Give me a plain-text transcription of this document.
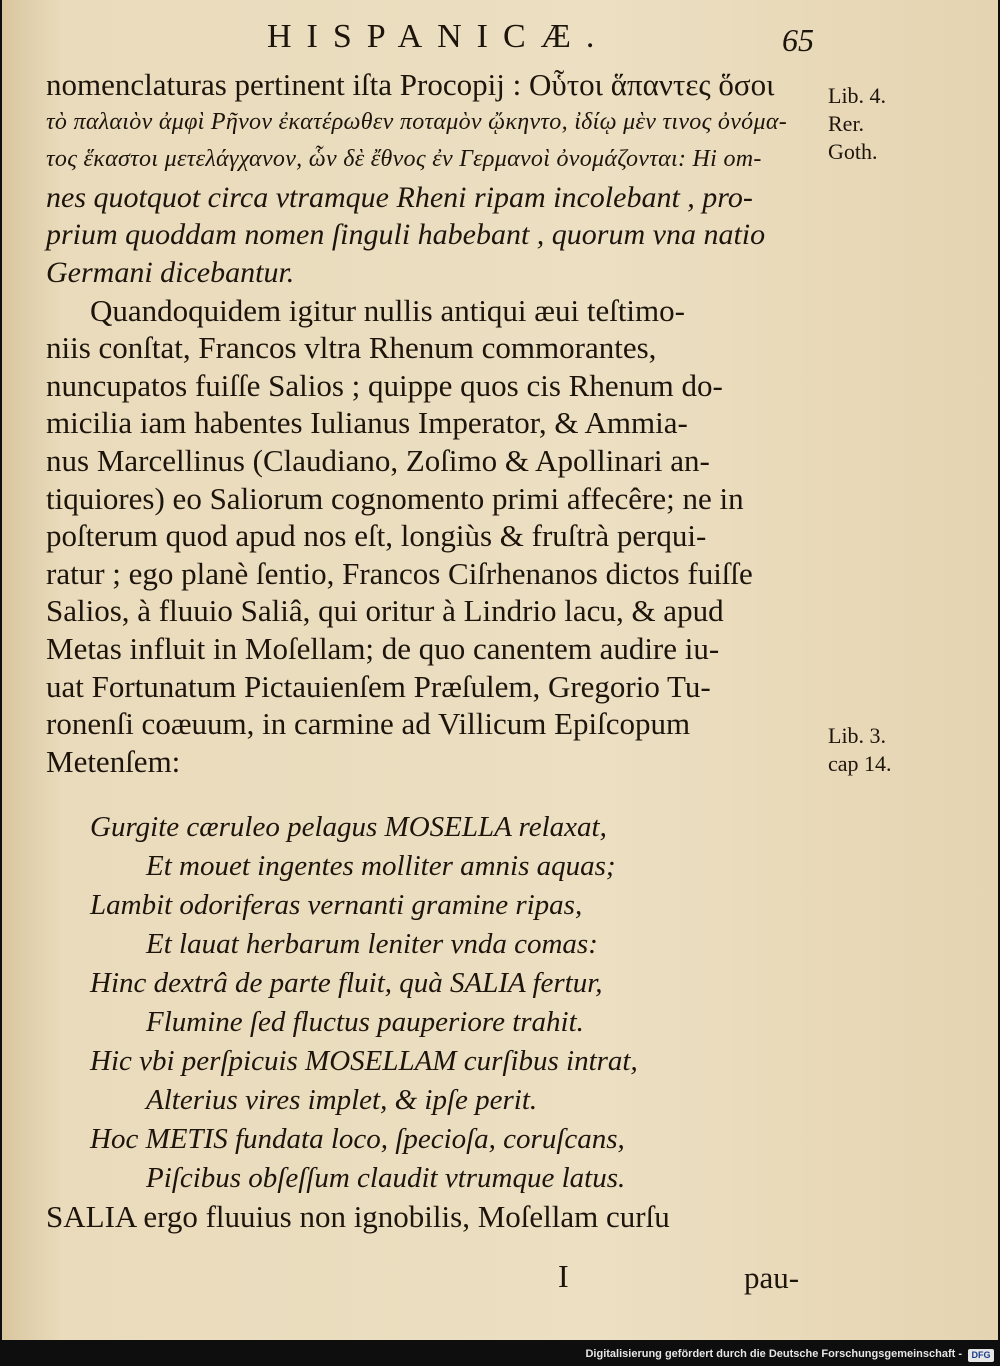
HISPANICÆ.	65
nomenclaturas pertinent iſta Procopij : Οὗτοι ἅπαντες ὅσοι
τὸ παλαιὸν ἀμφὶ Ρῆνον ἐκατέρωθεν ποταμὸν ᾤκηντο, ἰδίῳ μὲν τινος ὀνόμα-
τος ἕκαστοι μετελάγχανον, ὧν δὲ ἔθνος ἐν Γερμανοὶ ὀνομάζονται: Hi om-
nes quotquot circa vtramque Rheni ripam incolebant , pro-
prium quoddam nomen ſinguli habebant , quorum vna natio
Germani dicebantur.
Quandoquidem igitur nullis antiqui æui teſtimo-
niis conſtat, Francos vltra Rhenum commorantes,
nuncupatos fuiſſe Salios ; quippe quos cis Rhenum do-
micilia iam habentes Iulianus Imperator, & Ammia-
nus Marcellinus (Claudiano, Zoſimo & Apollinari an-
tiquiores) eo Saliorum cognomento primi affecêre; ne in
poſterum quod apud nos eſt, longiùs & fruſtrà perqui-
ratur ; ego planè ſentio, Francos Ciſrhenanos dictos fuiſſe
Salios, à fluuio Saliâ, qui oritur à Lindrio lacu, & apud
Metas influit in Moſellam; de quo canentem audire iu-
uat Fortunatum Pictauienſem Præſulem, Gregorio Tu-
ronenſi coæuum, in carmine ad Villicum Epiſcopum
Metenſem:
Gurgite cæruleo pelagus MOSELLA relaxat,
Et mouet ingentes molliter amnis aquas;
Lambit odoriferas vernanti gramine ripas,
Et lauat herbarum leniter vnda comas:
Hinc dextrâ de parte fluit, quà SALIA fertur,
Flumine ſed fluctus pauperiore trahit.
Hic vbi perſpicuis MOSELLAM curſibus intrat,
Alterius vires implet, & ipſe perit.
Hoc METIS fundata loco, ſpecioſa, coruſcans,
Piſcibus obſeſſum claudit vtrumque latus.
SALIA ergo fluuius non ignobilis, Moſellam curſu
I	pau-
Lib. 4.
Rer.
Goth.
Lib. 3.
cap 14.
Digitalisierung gefördert durch die Deutsche Forschungsgemeinschaft -	DFG
